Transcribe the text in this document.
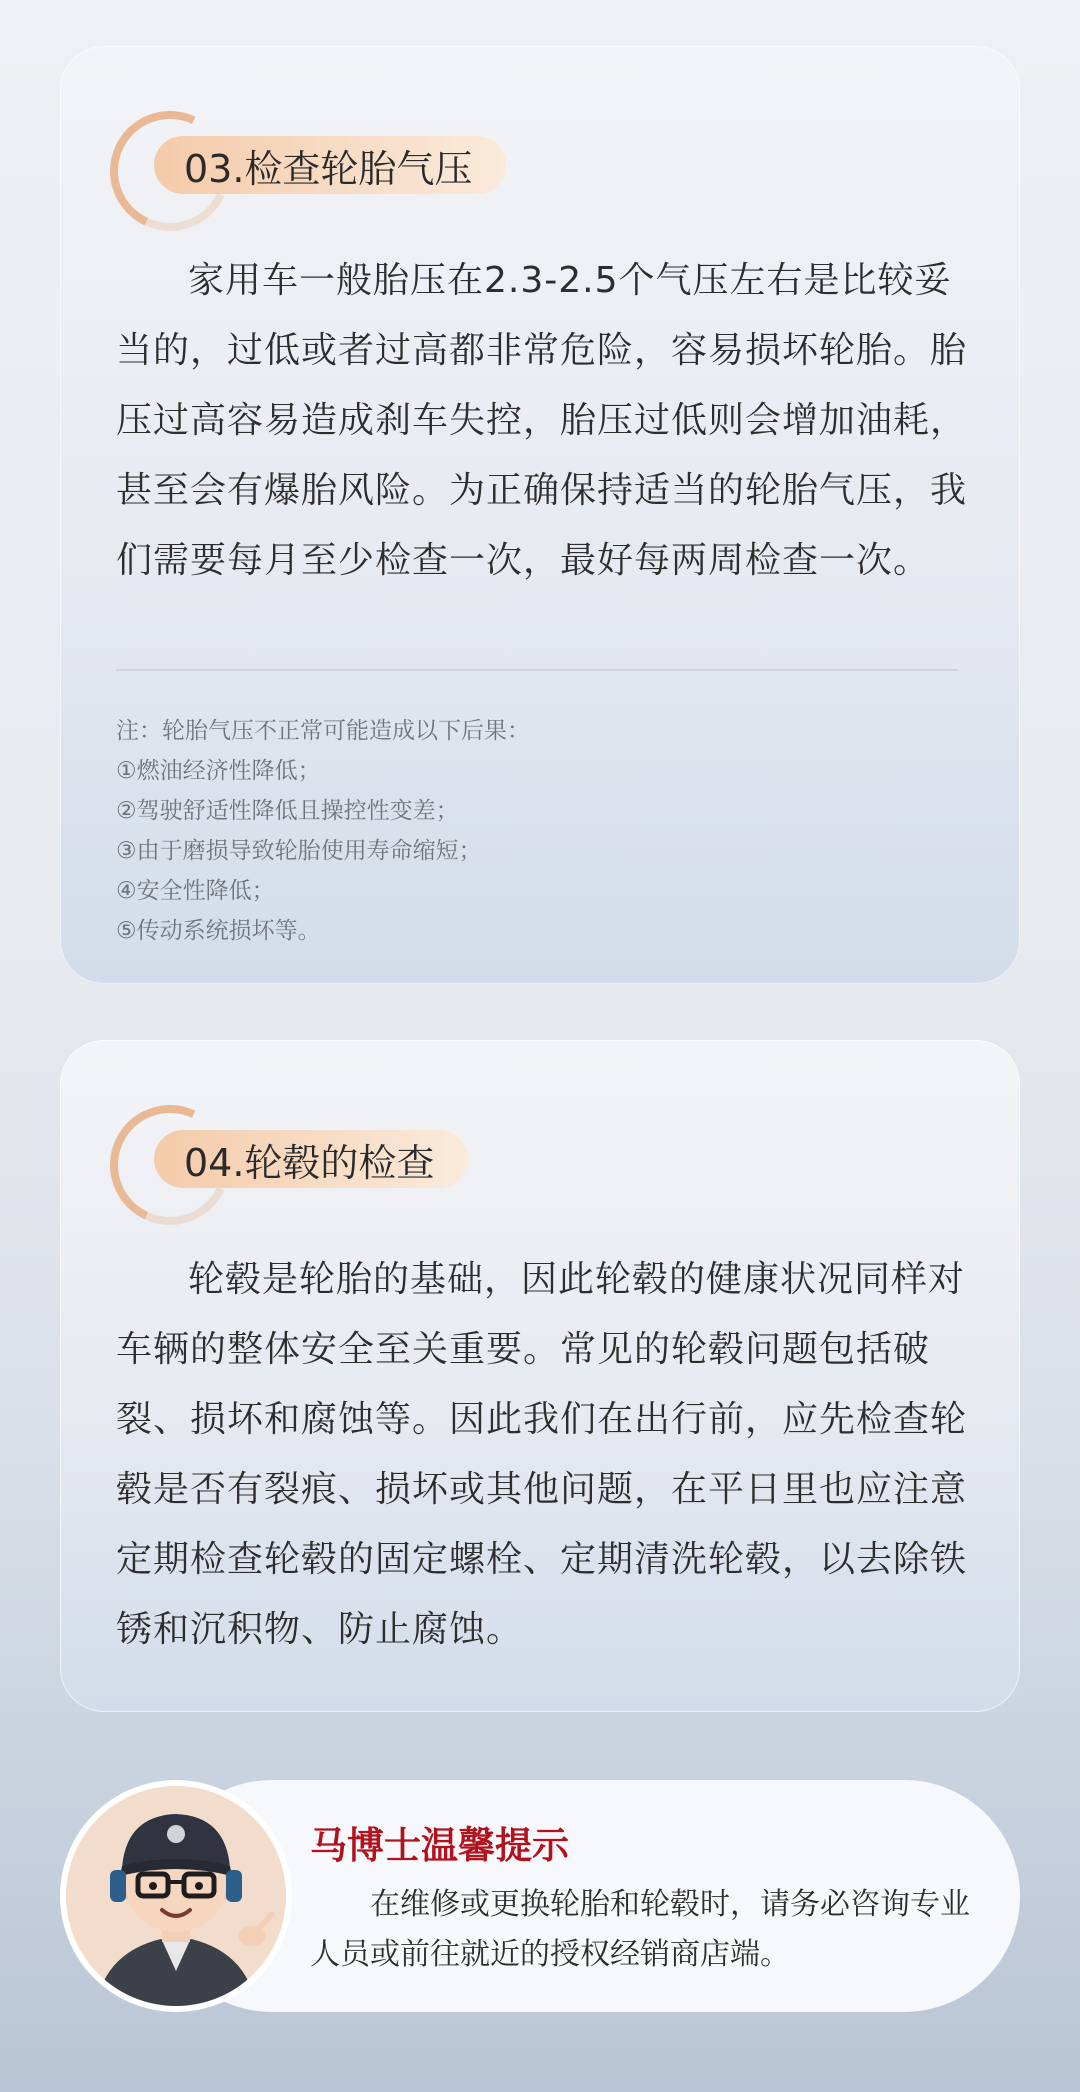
03.检查轮胎气压

家用车一般胎压在2.3-2.5个气压左右是比较妥当的，过低或者过高都非常危险，容易损坏轮胎。胎压过高容易造成刹车失控，胎压过低则会增加油耗，甚至会有爆胎风险。为正确保持适当的轮胎气压，我们需要每月至少检查一次，最好每两周检查一次。

注：轮胎气压不正常可能造成以下后果：
①燃油经济性降低；
②驾驶舒适性降低且操控性变差；
③由于磨损导致轮胎使用寿命缩短；
④安全性降低；
⑤传动系统损坏等。
04.轮毂的检查

轮毂是轮胎的基础，因此轮毂的健康状况同样对车辆的整体安全至关重要。常见的轮毂问题包括破裂、损坏和腐蚀等。因此我们在出行前，应先检查轮毂是否有裂痕、损坏或其他问题，在平日里也应注意定期检查轮毂的固定螺栓、定期清洗轮毂，以去除铁锈和沉积物、防止腐蚀。

马博士温馨提示

在维修或更换轮胎和轮毂时，请务必咨询专业人员或前往就近的授权经销商店端。
